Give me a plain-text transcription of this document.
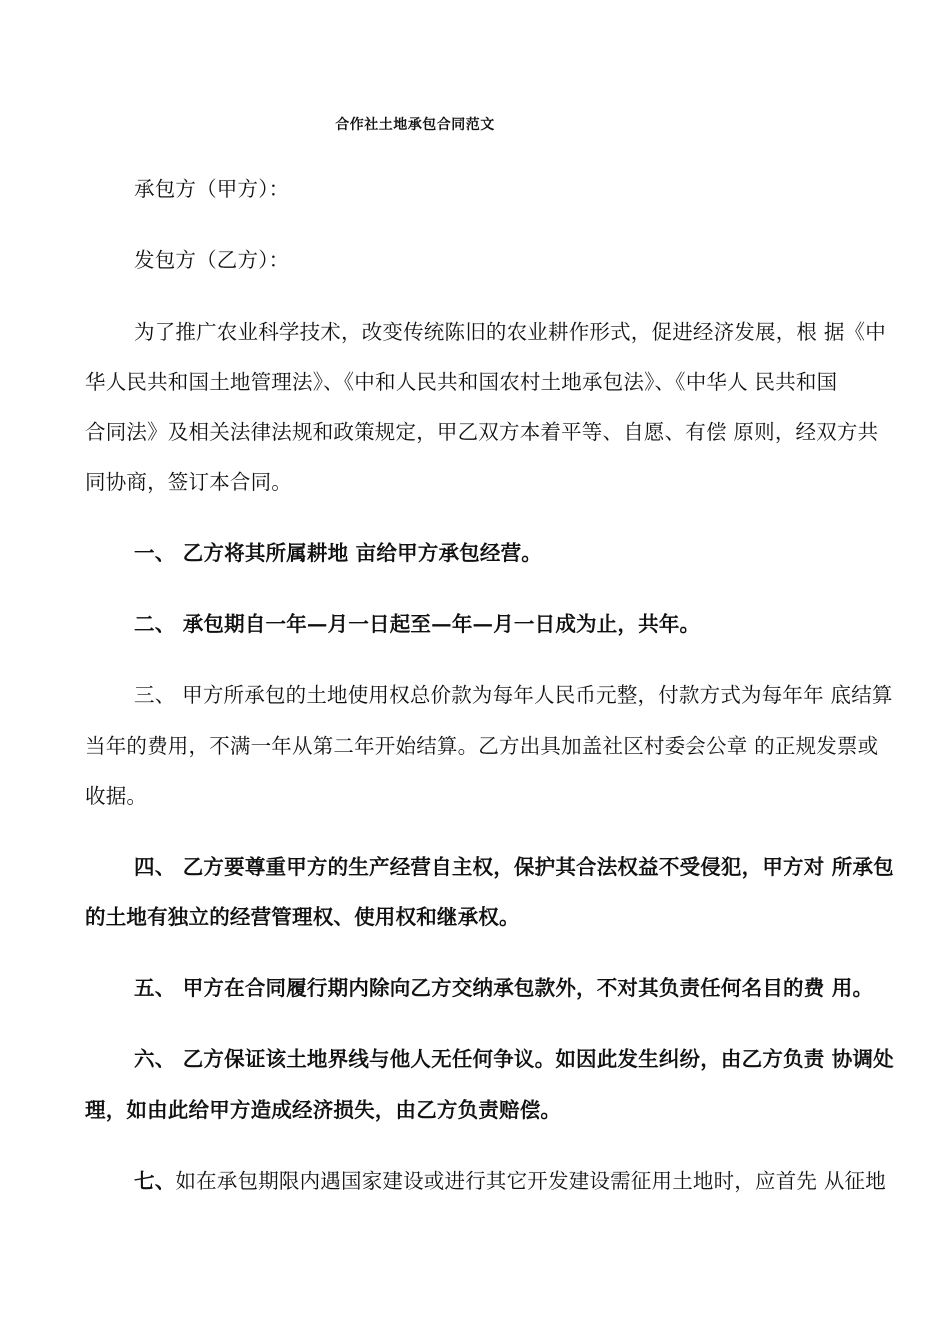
合作社土地承包合同范文
承包方（甲方）：
发包方（乙方）：
为了推广农业科学技术，改变传统陈旧的农业耕作形式，促进经济发展，根 据《中
华人民共和国土地管理法》、《中和人民共和国农村土地承包法》、《中华人 民共和国
合同法》及相关法律法规和政策规定，甲乙双方本着平等、自愿、有偿 原则，经双方共
同协商，签订本合同。
一、 乙方将其所属耕地 亩给甲方承包经营。
二、 承包期自一年—月一日起至—年—月一日成为止，共年。
三、 甲方所承包的土地使用权总价款为每年人民币元整，付款方式为每年年 底结算
当年的费用，不满一年从第二年开始结算。乙方出具加盖社区村委会公章 的正规发票或
收据。
四、 乙方要尊重甲方的生产经营自主权，保护其合法权益不受侵犯，甲方对 所承包
的土地有独立的经营管理权、使用权和继承权。
五、 甲方在合同履行期内除向乙方交纳承包款外，不对其负责任何名目的费 用。
六、 乙方保证该土地界线与他人无任何争议。如因此发生纠纷，由乙方负责 协调处
理，如由此给甲方造成经济损失，由乙方负责赔偿。
七、如在承包期限内遇国家建设或进行其它开发建设需征用土地时，应首先 从征地
